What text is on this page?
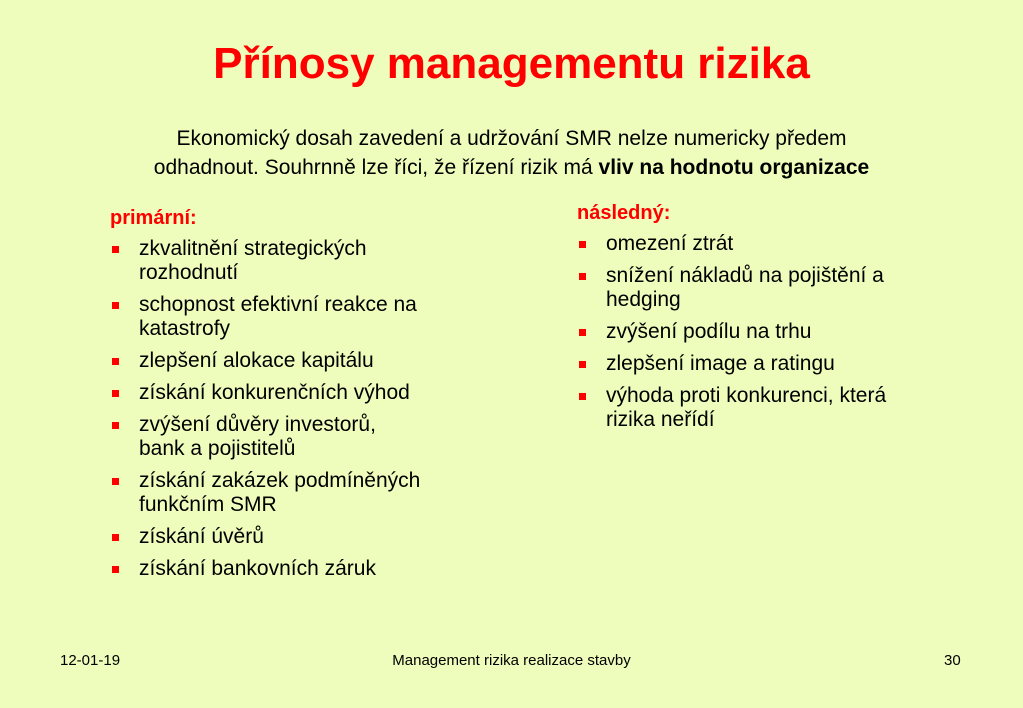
Přínosy managementu rizika
Ekonomický dosah zavedení a udržování SMR nelze numericky předem
odhadnout. Souhrnně lze říci, že řízení rizik má vliv na hodnotu organizace
primární:
zkvalitnění strategických
rozhodnutí
schopnost efektivní reakce na
katastrofy
zlepšení alokace kapitálu
získání konkurenčních výhod
zvýšení důvěry investorů,
bank a pojistitelů
získání zakázek podmíněných
funkčním SMR
získání úvěrů
získání bankovních záruk
následný:
omezení ztrát
snížení nákladů na pojištění a
hedging
zvýšení podílu na trhu
zlepšení image a ratingu
výhoda proti konkurenci, která
rizika neřídí
12-01-19	Management rizika realizace stavby	30
